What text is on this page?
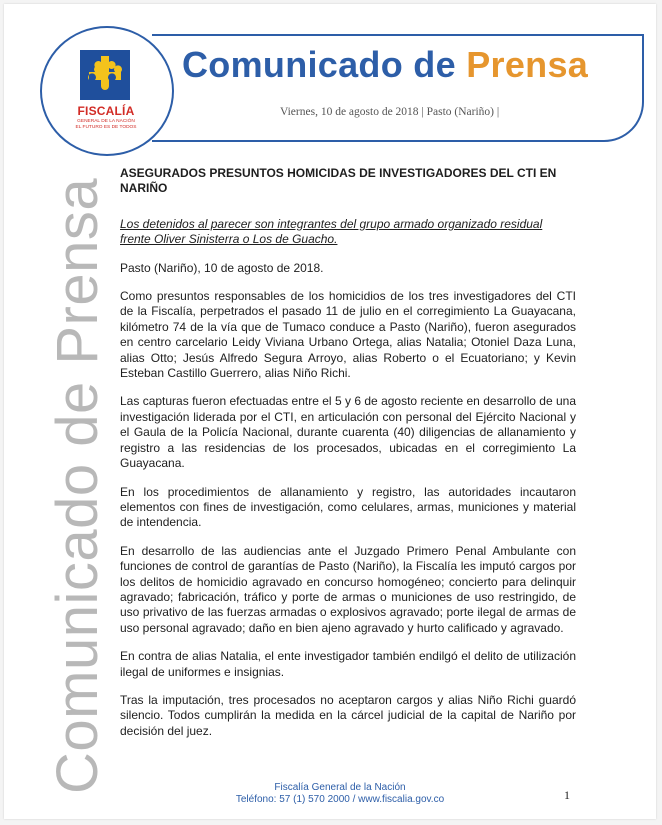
FISCALÍA
GENERAL DE LA NACIÓN
EL FUTURO ES DE TODOS
Comunicado de Prensa
Viernes, 10 de agosto de 2018 | Pasto (Nariño) |
Comunicado de Prensa
ASEGURADOS PRESUNTOS HOMICIDAS DE INVESTIGADORES DEL CTI EN NARIÑO
Los detenidos al parecer son integrantes del grupo armado organizado residual frente Oliver Sinisterra o Los de Guacho.
Pasto (Nariño), 10 de agosto de 2018.
Como presuntos responsables de los homicidios de los tres investigadores del CTI de la Fiscalía, perpetrados el pasado 11 de julio en el corregimiento La Guayacana, kilómetro 74 de la vía que de Tumaco conduce a Pasto (Nariño), fueron asegurados en centro carcelario Leidy Viviana Urbano Ortega, alias Natalia; Otoniel Daza Luna, alias Otto; Jesús Alfredo Segura Arroyo, alias Roberto o el Ecuatoriano; y Kevin Esteban Castillo Guerrero, alias Niño Richi.
Las capturas fueron efectuadas entre el 5 y 6 de agosto reciente en desarrollo de una investigación liderada por el CTI, en articulación con personal del Ejército Nacional y el Gaula de la Policía Nacional, durante cuarenta (40) diligencias de allanamiento y registro a las residencias de los procesados, ubicadas en el corregimiento La Guayacana.
En los procedimientos de allanamiento y registro, las autoridades incautaron elementos con fines de investigación, como celulares, armas, municiones y material de intendencia.
En desarrollo de las audiencias ante el Juzgado Primero Penal Ambulante con funciones de control de garantías de Pasto (Nariño), la Fiscalía les imputó cargos por los delitos de homicidio agravado en concurso homogéneo; concierto para delinquir agravado; fabricación, tráfico y porte de armas o municiones de uso restringido, de uso privativo de las fuerzas armadas o explosivos agravado; porte ilegal de armas de uso personal agravado; daño en bien ajeno agravado y hurto calificado y agravado.
En contra de alias Natalia, el ente investigador también endilgó el delito de utilización ilegal de uniformes e insignias.
Tras la imputación, tres procesados no aceptaron cargos y alias Niño Richi guardó silencio. Todos cumplirán la medida en la cárcel judicial de la capital de Nariño por decisión del juez.
Fiscalía General de la Nación
Teléfono: 57 (1) 570 2000 / www.fiscalia.gov.co	1
